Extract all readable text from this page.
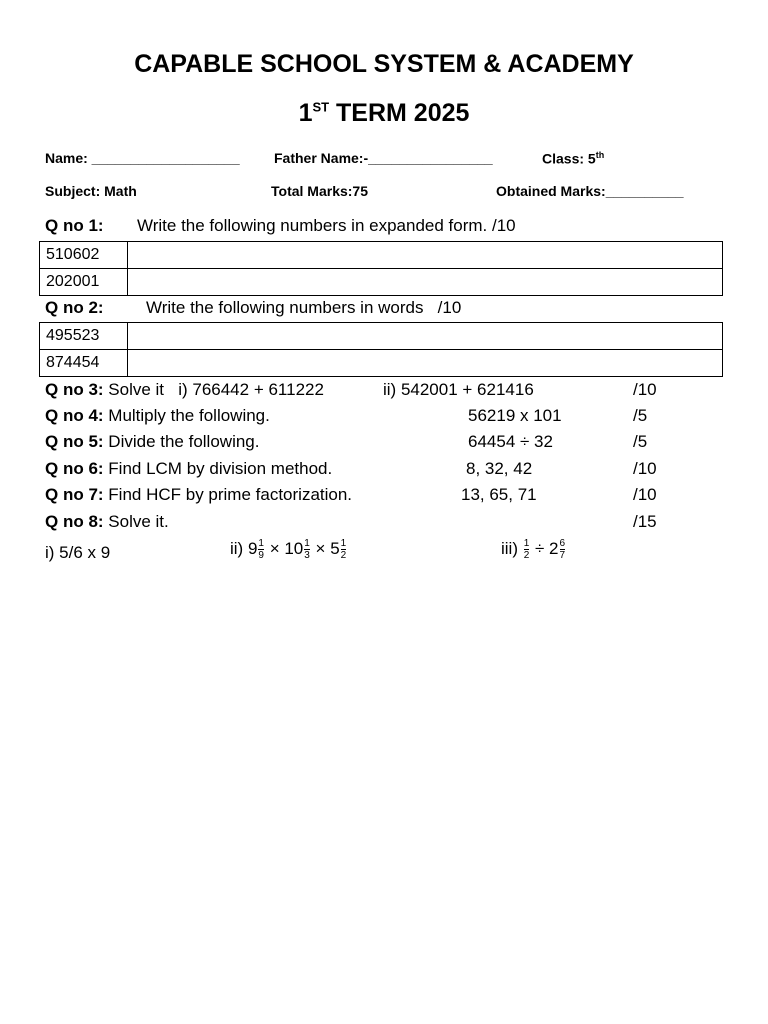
CAPABLE SCHOOL SYSTEM & ACADEMY
1ST TERM 2025
Name: ___________________ Father Name:-________________	Class: 5th
Subject: Math	Total Marks:75	Obtained Marks:__________
Q no 1: Write the following numbers in expanded form. /10
510602	
202001	
Q no 2: Write the following numbers in words   /10
495523	
874454	
Q no 3: Solve it   i) 766442 + 611222	ii) 542001 + 621416	/10
Q no 4: Multiply the following.	56219 x 101	/5
Q no 5: Divide the following.	64454 ÷ 32	/5
Q no 6: Find LCM by division method.	8, 32, 42	/10
Q no 7: Find HCF by prime factorization.	13, 65, 71	/10
Q no 8: Solve it.	/15
i) 5/6 x 9	ii) $9 \frac{1}{9} \times 10 \frac{1}{3} \times 5 \frac{1}{2}$	$iii) \frac{1}{2} \div 2 \frac{6}{7}$
